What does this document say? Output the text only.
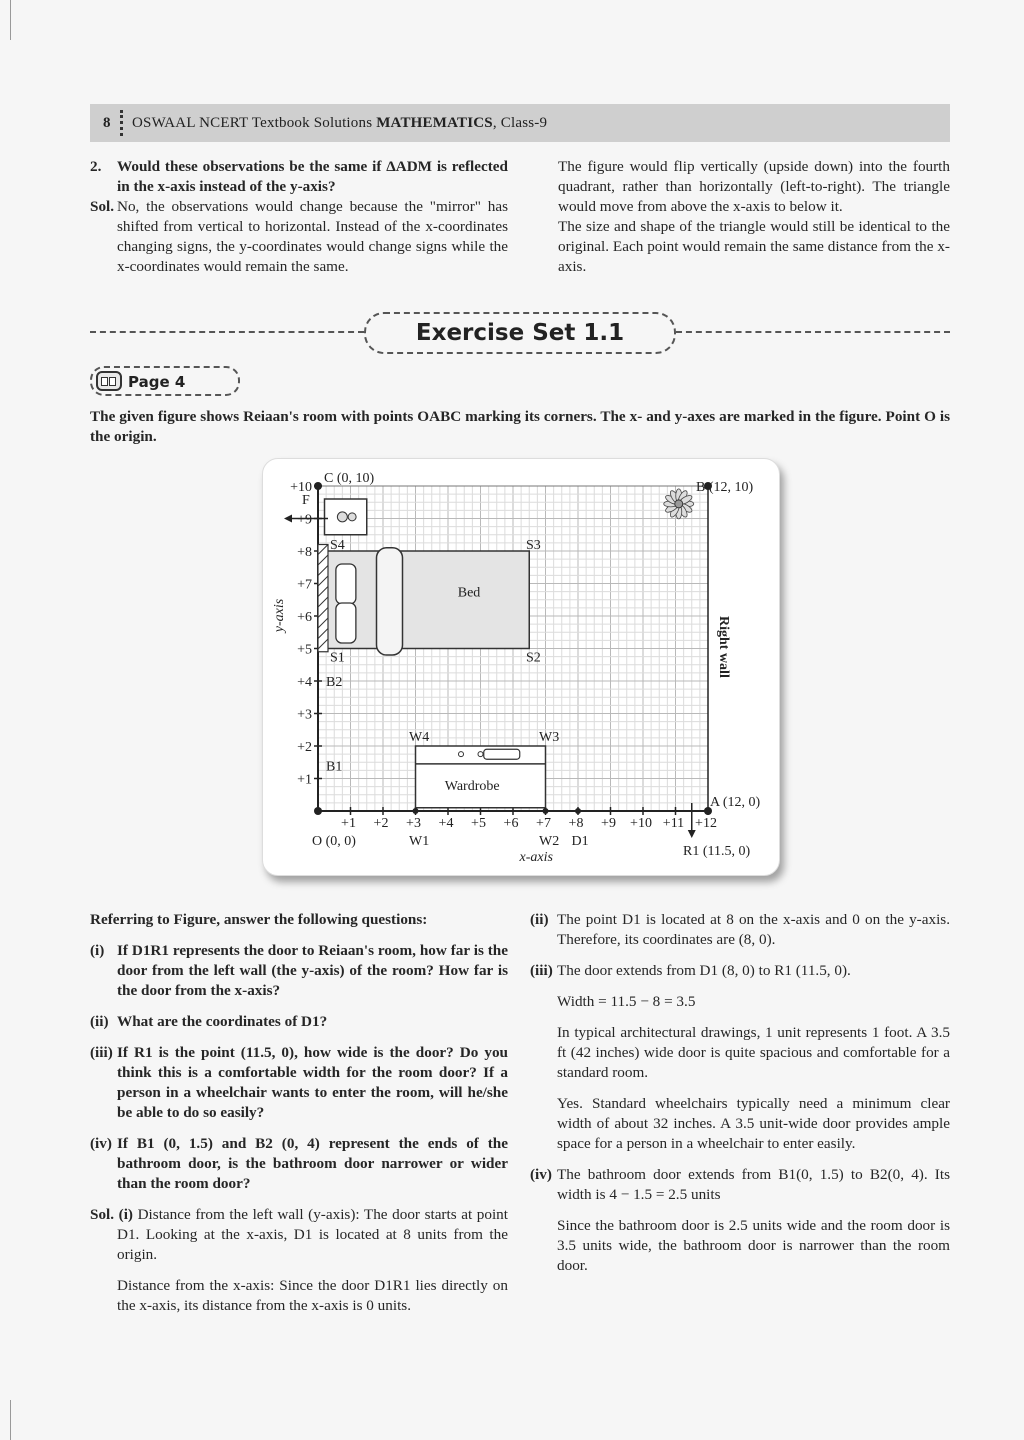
8 OSWAAL NCERT Textbook Solutions MATHEMATICS, Class-9
2. Would these observations be the same if ΔADM is reflected in the x-axis instead of the y-axis?
Sol. No, the observations would change because the "mirror" has shifted from vertical to horizontal. Instead of the x-coordinates changing signs, the y-coordinates would change signs while the x-coordinates would remain the same.
The figure would flip vertically (upside down) into the fourth quadrant, rather than horizontally (left-to-right). The triangle would move from above the x-axis to below it.
The size and shape of the triangle would still be identical to the original. Each point would remain the same distance from the x-axis.
Exercise Set 1.1
Page 4
The given figure shows Reiaan's room with points OABC marking its corners. The x- and y-axes are marked in the figure. Point O is the origin.
+1 +2 +3 +4 +5 +6 +7 +8 +9 +10 +11 +12
+1
+2
+3
+4
+5
+6
+7
+8
+9
+10
C (0, 10)
B (12, 10)
A (12, 0)
O (0, 0)
R1 (11.5, 0)
F
S4	S3
S1	S2
B2
B1
W4	W3
W1	W2 D1
Bed
Wardrobe
x-axis
y-axis
Right wall
Referring to Figure, answer the following questions:
(i) If D1R1 represents the door to Reiaan's room, how far is the door from the left wall (the y-axis) of the room? How far is the door from the x-axis?
(ii) What are the coordinates of D1?
(iii) If R1 is the point (11.5, 0), how wide is the door? Do you think this is a comfortable width for the room door? If a person in a wheelchair wants to enter the room, will he/she be able to do so easily?
(iv) If B1 (0, 1.5) and B2 (0, 4) represent the ends of the bathroom door, is the bathroom door narrower or wider than the room door?
Sol. (i) Distance from the left wall (y-axis): The door starts at point D1. Looking at the x-axis, D1 is located at 8 units from the origin.
Distance from the x-axis: Since the door D1R1 lies directly on the x-axis, its distance from the x-axis is 0 units.
(ii) The point D1 is located at 8 on the x-axis and 0 on the y-axis. Therefore, its coordinates are (8, 0).
(iii) The door extends from D1 (8, 0) to R1 (11.5, 0).
Width = 11.5 − 8 = 3.5
In typical architectural drawings, 1 unit represents 1 foot. A 3.5 ft (42 inches) wide door is quite spacious and comfortable for a standard room.
Yes. Standard wheelchairs typically need a minimum clear width of about 32 inches. A 3.5 unit-wide door provides ample space for a person in a wheelchair to enter easily.
(iv) The bathroom door extends from B1(0, 1.5) to B2(0, 4). Its width is 4 − 1.5 = 2.5 units
Since the bathroom door is 2.5 units wide and the room door is 3.5 units wide, the bathroom door is narrower than the room door.
